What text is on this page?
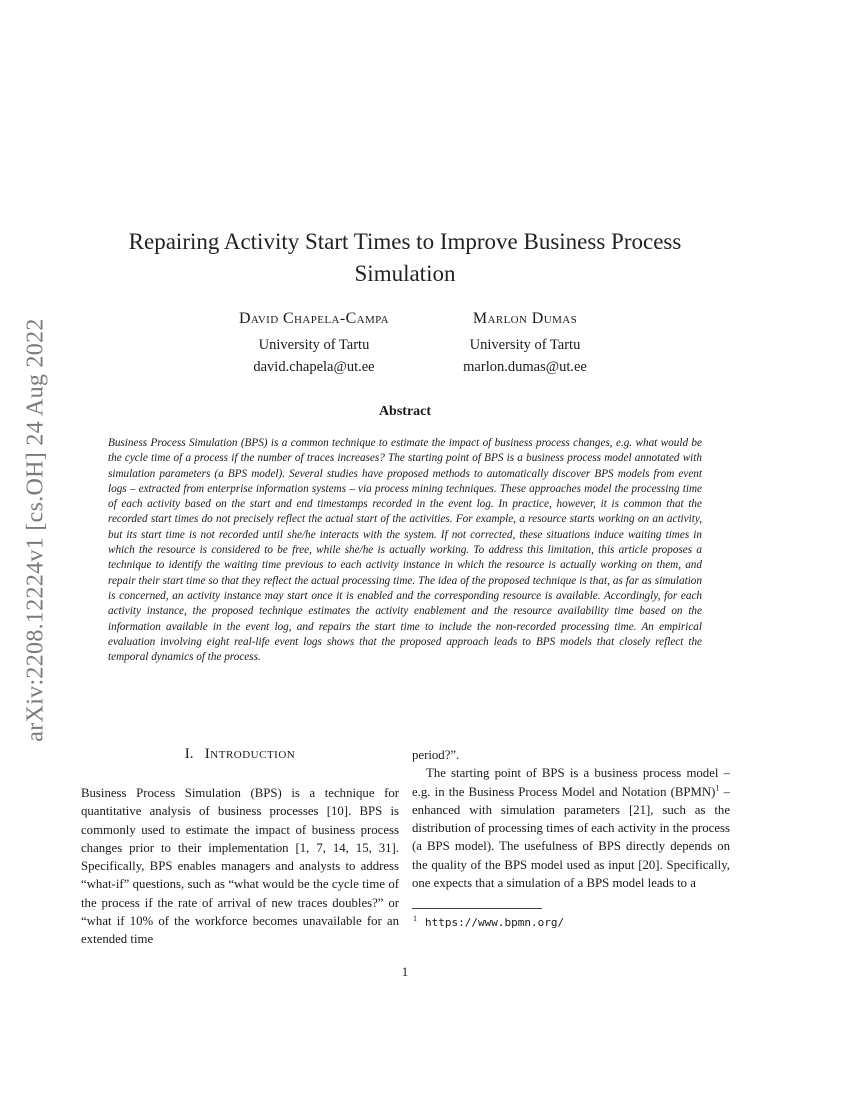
arXiv:2208.12224v1 [cs.OH] 24 Aug 2022
Repairing Activity Start Times to Improve Business Process Simulation
David Chapela-Campa
University of Tartu
david.chapela@ut.ee
Marlon Dumas
University of Tartu
marlon.dumas@ut.ee
Abstract
Business Process Simulation (BPS) is a common technique to estimate the impact of business process changes, e.g. what would be the cycle time of a process if the number of traces increases? The starting point of BPS is a business process model annotated with simulation parameters (a BPS model). Several studies have proposed methods to automatically discover BPS models from event logs – extracted from enterprise information systems – via process mining techniques. These approaches model the processing time of each activity based on the start and end timestamps recorded in the event log. In practice, however, it is common that the recorded start times do not precisely reflect the actual start of the activities. For example, a resource starts working on an activity, but its start time is not recorded until she/he interacts with the system. If not corrected, these situations induce waiting times in which the resource is considered to be free, while she/he is actually working. To address this limitation, this article proposes a technique to identify the waiting time previous to each activity instance in which the resource is actually working on them, and repair their start time so that they reflect the actual processing time. The idea of the proposed technique is that, as far as simulation is concerned, an activity instance may start once it is enabled and the corresponding resource is available. Accordingly, for each activity instance, the proposed technique estimates the activity enablement and the resource availability time based on the information available in the event log, and repairs the start time to include the non-recorded processing time. An empirical evaluation involving eight real-life event logs shows that the proposed approach leads to BPS models that closely reflect the temporal dynamics of the process.
I. Introduction

Business Process Simulation (BPS) is a technique for quantitative analysis of business processes [10]. BPS is commonly used to estimate the impact of business process changes prior to their implementation [1, 7, 14, 15, 31]. Specifically, BPS enables managers and analysts to address “what-if” questions, such as “what would be the cycle time of the process if the rate of arrival of new traces doubles?” or “what if 10% of the workforce becomes unavailable for an extended time

period?”.

The starting point of BPS is a business process model – e.g. in the Business Process Model and Notation (BPMN)$^1$ – enhanced with simulation parameters [21], such as the distribution of processing times of each activity in the process (a BPS model). The usefulness of BPS directly depends on the quality of the BPS model used as input [20]. Specifically, one expects that a simulation of a BPS model leads to a

$^1$ https://www.bpmn.org/
1
